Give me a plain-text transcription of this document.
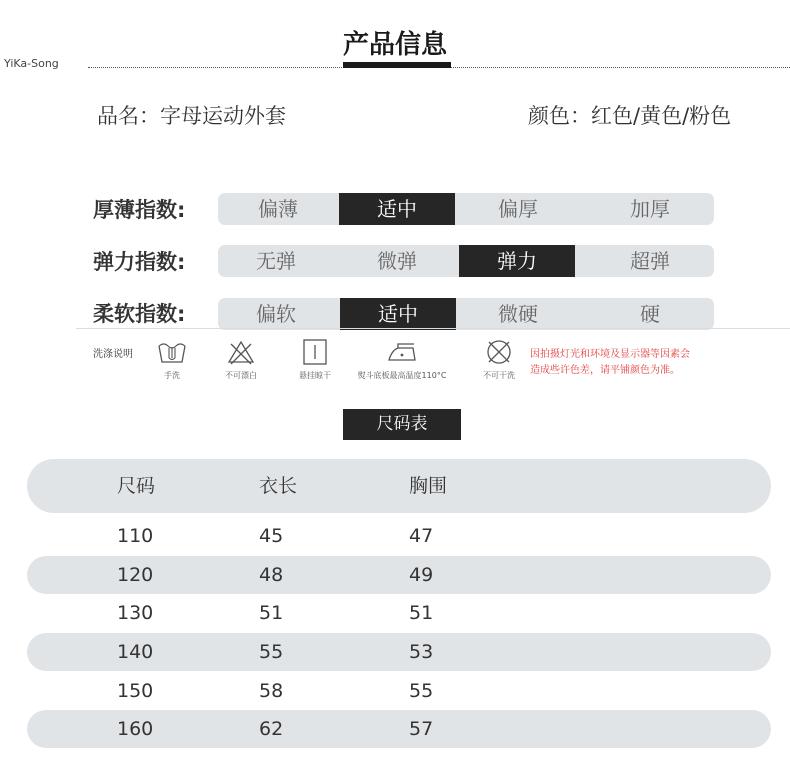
YiKa-Song
产品信息
品名：字母运动外套	颜色：红色/黄色/粉色
厚薄指数:	偏薄	适中	偏厚	加厚
弹力指数:	无弹	微弹	弹力	超弹
柔软指数:	偏软	适中	微硬	硬
洗涤说明
手洗	不可漂白	悬挂晾干	熨斗底板最高温度110°C	不可干洗
因拍摄灯光和环境及显示器等因素会
造成些许色差，请平铺颜色为准。
尺码表
尺码	衣长	胸围
110	45	47
120	48	49
130	51	51
140	55	53
150	58	55
160	62	57
